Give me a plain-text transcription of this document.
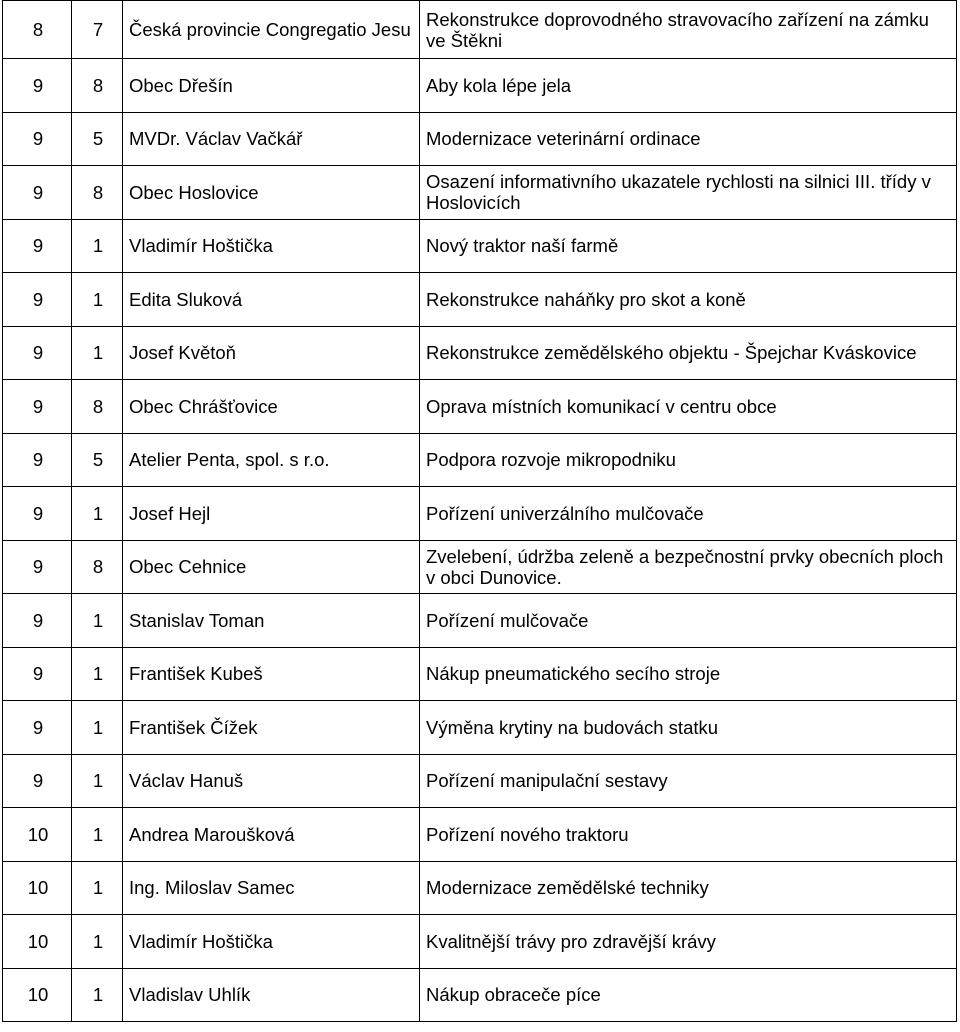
8	7	Česká provincie Congregatio Jesu	Rekonstrukce doprovodného stravovacího zařízení na zámku ve Štěkni
9	8	Obec Dřešín	Aby kola lépe jela
9	5	MVDr. Václav Vačkář	Modernizace veterinární ordinace
9	8	Obec Hoslovice	Osazení informativního ukazatele rychlosti na silnici III. třídy v Hoslovicích
9	1	Vladimír Hoštička	Nový traktor naší farmě
9	1	Edita Sluková	Rekonstrukce naháňky pro skot a koně
9	1	Josef Květoň	Rekonstrukce zemědělského objektu - Špejchar Kváskovice
9	8	Obec Chrášťovice	Oprava místních komunikací v centru obce
9	5	Atelier Penta, spol. s r.o.	Podpora rozvoje mikropodniku
9	1	Josef Hejl	Pořízení univerzálního mulčovače
9	8	Obec Cehnice	Zvelebení, údržba zeleně a bezpečnostní prvky obecních ploch v obci Dunovice.
9	1	Stanislav Toman	Pořízení mulčovače
9	1	František Kubeš	Nákup pneumatického secího stroje
9	1	František Čížek	Výměna krytiny na budovách statku
9	1	Václav Hanuš	Pořízení manipulační sestavy
10	1	Andrea Maroušková	Pořízení nového traktoru
10	1	Ing. Miloslav Samec	Modernizace zemědělské techniky
10	1	Vladimír Hoštička	Kvalitnější trávy pro zdravější krávy
10	1	Vladislav Uhlík	Nákup obraceče píce
